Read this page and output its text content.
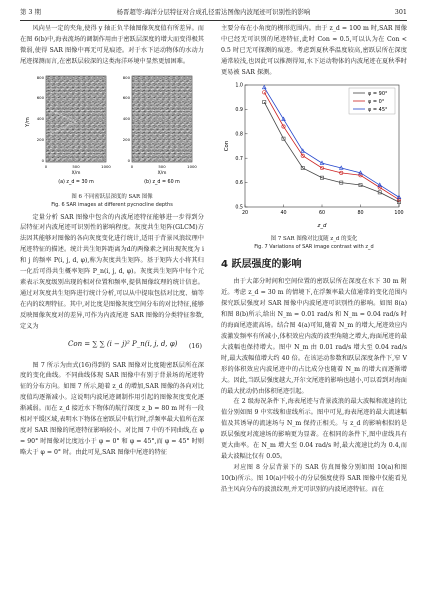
第 3 期	杨晋超等:海洋分层特征对合成孔径雷达图像内波尾迹可识别性的影响	301

风向呈一定的夹角,使得 y 轴正负半轴图像灰度值有所差异。而在图 6(b)中,海表流场的调制作用由于密跃层深度的增大而变得极其微弱,使得 SAR 图像中再无可见痕迹。对于水下运动物体的水动力尾迹探测而言,在密跃层较深的这类海洋环境中显然更加困难。

Y/m
0
200
400
600
800
0
200
400
600
800
0	500	1000	0	500	1000
X/m	X/m
(a) z_d = 30 m	(b) z_d = 60 m

图 6 不同密跃层深度的 SAR 图像

Fig. 6 SAR images at different pycnocline depths

定量分析 SAR 图像中包含的内波尾迹特征能够进一步得到分层特征对内波尾迹可识别性的影响程度。灰度共生矩阵(GLCM)方法因其能够对图像的各向灰度变化进行统计,适用于背景风浪纹理中尾迹特征的描述。统计共生矩阵距离为d的两像素之间出现灰度为 i 和 j 的频率 P(i, j, d, φ),称为灰度共生矩阵。基于矩阵大小将其归一化后可得共生概率矩阵 P_n(i, j, d, φ)。灰度共生矩阵中每个元素表示灰度级别出现的相对位置和频率,提供图像纹理的统计信息。通过对灰度共生矩阵进行统计分析,可以从中提取包括对比度、熵等在内的纹理特征。其中,对比度是图像灰度空间分布的对比特征,能够反映图像灰度对的差异,可作为内波尾迹 SAR 图像的分类特征参数,定义为

Con = ∑ ∑ (i − j)² P_n(i, j, d, φ) (16)

图 7 所示为由式(16)得到的 SAR 图像对比度随密跃层所在深度的变化曲线。不同曲线体现 SAR 图像中有别于背景场的尾迹特征的分布方向。如图 7 所示,随着 z_d 的增加,SAR 图像的各向对比度值均逐渐减小。这说明内波尾迹调制作用引起的图像灰度变化逐渐减弱。而在 z_d 接近水下物体的航行深度 z_b = 80 m 时有一段相对平缓区域,表明水下物体在密跃层中航行时,浮频率最大值所在深度对 SAR 图像的尾迹特征影响较小。对比图 7 中的不同曲线,在 φ = 90° 时图像对比度远小于 φ = 0° 和 φ = 45°,而 φ = 45° 时则略大于 φ = 0° 时。由此可见,SAR 图像中尾迹的特征

主要分布在小角度的楔形范围内。由于 z_d = 100 m 时,SAR 图像中已经无可识别的尾迹特征,此时 Con ≈ 0.5,可以认为在 Con < 0.5 时已无可探测的痕迹。考虑到夏秋季温度较高,密跃层所在深度通常较浅,也因此可以推测得知,水下运动物体的内波尾迹在夏秋季时更易被 SAR 探测。

20	40	60	80	100
0.5
0.6
0.7
0.8
0.9
1.0
φ = 90°
φ = 0°
φ = 45°
z_d
Con

图 7 SAR 图像对比度随 z_d 的变化

Fig. 7 Variations of SAR image contrast with z_d

4 跃层强度的影响

由于大部分时间和空间位置的密跃层所在深度在水下 30 m 附近。考虑 z_d = 30 m 的情境下,在浮频率最大值通常的变化范围内探究跃层强度对 SAR 图像中内波尾迹可识别性的影响。如图 8(a)和图 8(b)所示,给出 N_m = 0.01 rad/s 和 N_m = 0.04 rad/s 时的海面尾迹流高场。结合图 4(a)可知,随着 N_m 的增大,尾迹效应内波激发频率有所减小,体积效应内波的波型角随之增大,海面尾迹的最大波幅也保持增大。图中 N_m 由 0.01 rad/s 增大至 0.04 rad/s 时,最大波幅值增大约 40 倍。在该运动参数和跃层深度条件下,窄 V 形的体积效应内波尾迹中的占比成分也随着 N_m 的增大而逐渐增大。因此,当跃层强度越大,开尔文尾迹的影响也越小,可以看到对海面的最大扰动仍由体积尾迹引起。

在 2 级海况条件下,海表尾迹与背景波浪的最大波幅和流速的比值分别如图 9 中实线和虚线所示。图中可见,海表尾迹的最大流速幅值及其诱导的流速场与 N_m 保持正相关。与 z_d 的影响相似的是跃层强度对流速场的影响更为显著。在相同的条件下,图中虚线具有更大曲率。在 N_m 增大至 0.04 rad/s 时,最大流速比约为 0.4,而最大波幅比仅有 0.05。

对应图 8 分层背景下的 SAR 仿真图像分别如图 10(a)和图 10(b)所示。图 10(a)中较小的分层强度使得 SAR 图像中仅能看见沿主风向分布的波浪纹理,并无可识别的内波尾迹特征。而在
